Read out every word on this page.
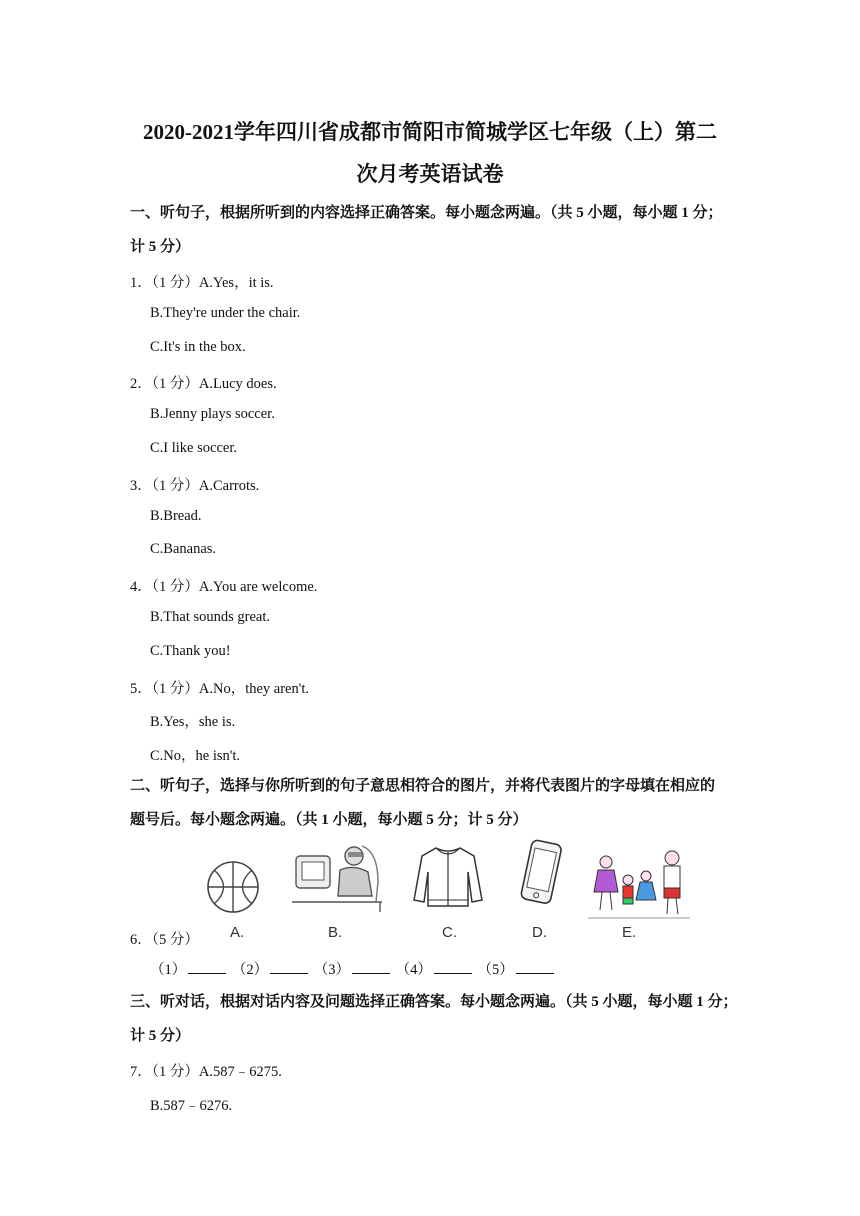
2020-2021学年四川省成都市简阳市简城学区七年级（上）第二
次月考英语试卷
一、听句子，根据所听到的内容选择正确答案。每小题念两遍。（共 5 小题，每小题 1 分；
计 5 分）
1．（1 分）A.Yes，it is.
B.They're under the chair.
C.It's in the box.
2．（1 分）A.Lucy does.
B.Jenny plays soccer.
C.I like soccer.
3．（1 分）A.Carrots.
B.Bread.
C.Bananas.
4．（1 分）A.You are welcome.
B.That sounds great.
C.Thank you!
5．（1 分）A.No，they aren't.
B.Yes，she is.
C.No，he isn't.
二、听句子，选择与你所听到的句子意思相符合的图片，并将代表图片的字母填在相应的
题号后。每小题念两遍。（共 1 小题，每小题 5 分；计 5 分）
A.	B.	C.	D.	E.
6．（5 分）
（1）	（2）	（3）	（4）	（5）
三、听对话，根据对话内容及问题选择正确答案。每小题念两遍。（共 5 小题，每小题 1 分；
计 5 分）
7．（1 分）A.587﹣6275.
B.587﹣6276.
